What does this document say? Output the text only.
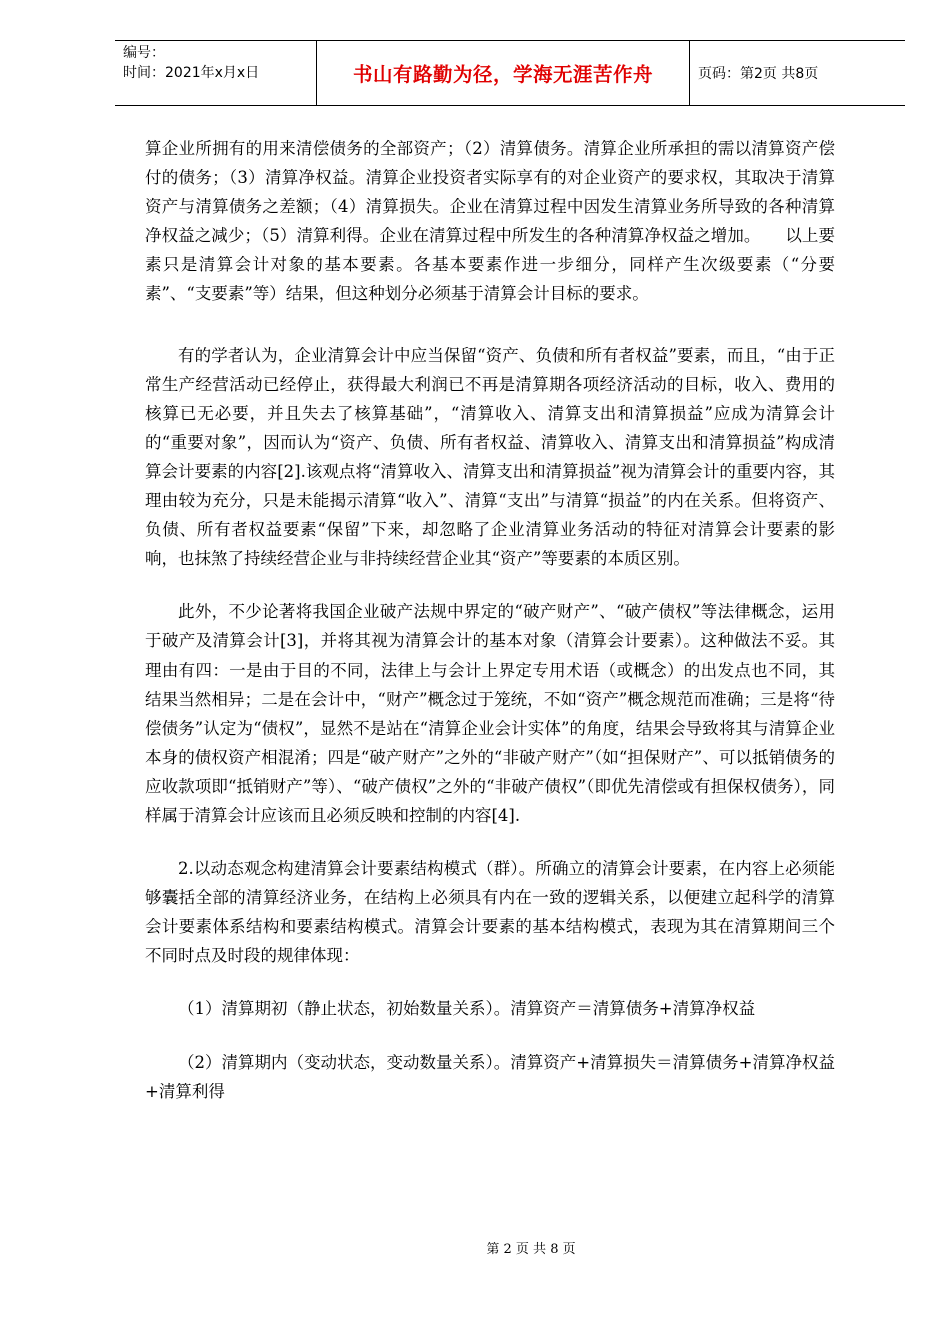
编号：
时间：2021年x月x日	书山有路勤为径，学海无涯苦作舟	页码：第2页 共8页

算企业所拥有的用来清偿债务的全部资产；（2）清算债务。清算企业所承担的需以清算资产偿付的债务；（3）清算净权益。清算企业投资者实际享有的对企业资产的要求权，其取决于清算资产与清算债务之差额；（4）清算损失。企业在清算过程中因发生清算业务所导致的各种清算净权益之减少；（5）清算利得。企业在清算过程中所发生的各种清算净权益之增加。　　以上要素只是清算会计对象的基本要素。各基本要素作进一步细分，同样产生次级要素（“分要素”、“支要素”等）结果，但这种划分必须基于清算会计目标的要求。

有的学者认为，企业清算会计中应当保留“资产、负债和所有者权益”要素，而且，“由于正常生产经营活动已经停止，获得最大利润已不再是清算期各项经济活动的目标，收入、费用的核算已无必要，并且失去了核算基础”，“清算收入、清算支出和清算损益”应成为清算会计的“重要对象”，因而认为“资产、负债、所有者权益、清算收入、清算支出和清算损益”构成清算会计要素的内容[2].该观点将“清算收入、清算支出和清算损益”视为清算会计的重要内容，其理由较为充分，只是未能揭示清算“收入”、清算“支出”与清算“损益”的内在关系。但将资产、负债、所有者权益要素“保留”下来，却忽略了企业清算业务活动的特征对清算会计要素的影响，也抹煞了持续经营企业与非持续经营企业其“资产”等要素的本质区别。

此外，不少论著将我国企业破产法规中界定的“破产财产”、“破产债权”等法律概念，运用于破产及清算会计[3]，并将其视为清算会计的基本对象（清算会计要素）。这种做法不妥。其理由有四：一是由于目的不同，法律上与会计上界定专用术语（或概念）的出发点也不同，其结果当然相异；二是在会计中，“财产”概念过于笼统，不如“资产”概念规范而准确；三是将“待偿债务”认定为“债权”，显然不是站在“清算企业会计实体”的角度，结果会导致将其与清算企业本身的债权资产相混淆；四是“破产财产”之外的“非破产财产”（如“担保财产”、可以抵销债务的应收款项即“抵销财产”等）、“破产债权”之外的“非破产债权”（即优先清偿或有担保权债务），同样属于清算会计应该而且必须反映和控制的内容[4].

2.以动态观念构建清算会计要素结构模式（群）。所确立的清算会计要素，在内容上必须能够囊括全部的清算经济业务，在结构上必须具有内在一致的逻辑关系，以便建立起科学的清算会计要素体系结构和要素结构模式。清算会计要素的基本结构模式，表现为其在清算期间三个不同时点及时段的规律体现：

（1）清算期初（静止状态，初始数量关系）。清算资产＝清算债务+清算净权益

（2）清算期内（变动状态，变动数量关系）。清算资产+清算损失＝清算债务+清算净权益+清算利得

第 2 页 共 8 页
